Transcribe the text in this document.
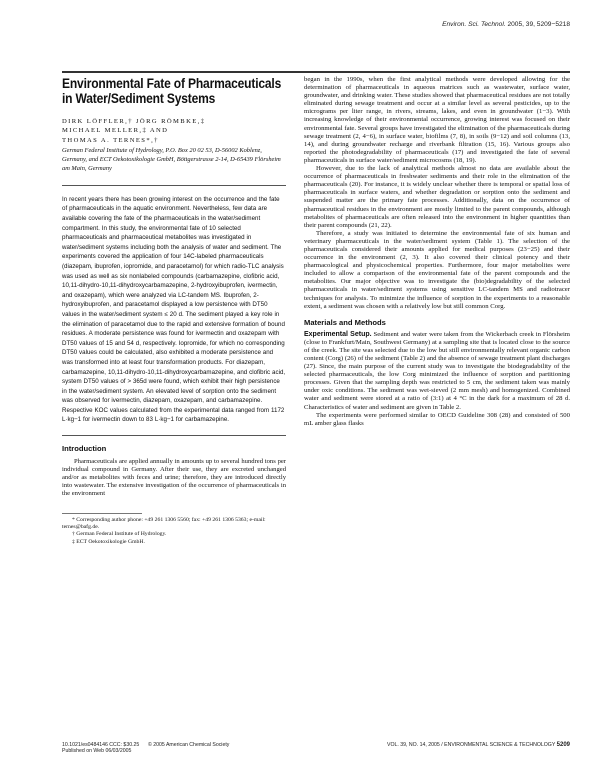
Environ. Sci. Technol. 2005, 39, 5209−5218
Environmental Fate of Pharmaceuticals in Water/Sediment Systems
DIRK LÖFFLER,† JÖRG RÖMBKE,‡
MICHAEL MELLER,‡ AND
THOMAS A. TERNES*,†
German Federal Institute of Hydrology, P.O. Box 20 02 53, D-56002 Koblenz, Germany, and ECT Oekotoxikologie GmbH, Böttgerstrasse 2-14, D-65439 Flörsheim am Main, Germany
In recent years there has been growing interest on the occurrence and the fate of pharmaceuticals in the aquatic environment. Nevertheless, few data are available covering the fate of the pharmaceuticals in the water/sediment compartment. In this study, the environmental fate of 10 selected pharmaceuticals and pharmaceutical metabolites was investigated in water/sediment systems including both the analysis of water and sediment. The experiments covered the application of four 14C-labeled pharmaceuticals (diazepam, ibuprofen, iopromide, and paracetamol) for which radio-TLC analysis was used as well as six nonlabeled compounds (carbamazepine, clofibric acid, 10,11-dihydro-10,11-dihydroxycarbamazepine, 2-hydroxyibuprofen, ivermectin, and oxazepam), which were analyzed via LC-tandem MS. Ibuprofen, 2-hydroxyibuprofen, and paracetamol displayed a low persistence with DT50 values in the water/sediment system ≤ 20 d. The sediment played a key role in the elimination of paracetamol due to the rapid and extensive formation of bound residues. A moderate persistence was found for ivermectin and oxazepam with DT50 values of 15 and 54 d, respectively. Iopromide, for which no corresponding DT50 values could be calculated, also exhibited a moderate persistence and was transformed into at least four transformation products. For diazepam, carbamazepine, 10,11-dihydro-10,11-dihydroxycarbamazepine, and clofibric acid, system DT50 values of > 365d were found, which exhibit their high persistence in the water/sediment system. An elevated level of sorption onto the sediment was observed for ivermectin, diazepam, oxazepam, and carbamazepine. Respective KOC values calculated from the experimental data ranged from 1172 L·kg−1 for ivermectin down to 83 L·kg−1 for carbamazepine.
Introduction

Pharmaceuticals are applied annually in amounts up to several hundred tons per individual compound in Germany. After their use, they are excreted unchanged and/or as metabolites with feces and urine; therefore, they are introduced directly into wastewater. The extensive investigation of the occurrence of pharmaceuticals in the environment

* Corresponding author phone: +49 261 1306 5560; fax: +49 261 1306 5363; e-mail: ternes@bafg.de.
† German Federal Institute of Hydrology.
‡ ECT Oekotoxikologie GmbH.

began in the 1990s, when the first analytical methods were developed allowing for the determination of pharmaceuticals in aqueous matrices such as wastewater, surface water, groundwater, and drinking water. These studies showed that pharmaceutical residues are not totally eliminated during sewage treatment and occur at a similar level as several pesticides, up to the micrograms per liter range, in rivers, streams, lakes, and even in groundwater (1−3). With increasing knowledge of their environmental occurrence, growing interest was focused on their environmental fate. Several groups have investigated the elimination of the pharmaceuticals during sewage treatment (2, 4−6), in surface water, biofilms (7, 8), in soils (9−12) and soil columns (13, 14), and during groundwater recharge and riverbank filtration (15, 16). Various groups also reported the photodegradability of pharmaceuticals (17) and investigated the fate of several pharmaceuticals in surface water/sediment microcosms (18, 19).

However, due to the lack of analytical methods almost no data are available about the occurrence of pharmaceuticals in freshwater sediments and their role in the elimination of the pharmaceuticals (20). For instance, it is widely unclear whether there is temporal or spatial loss of pharmaceuticals in surface waters, and whether degradation or sorption onto the sediment and suspended matter are the primary fate processes. Additionally, data on the occurrence of pharmaceutical residues in the environment are mostly limited to the parent compounds, although metabolites of pharmaceuticals are often released into the environment in higher quantities than their parent compounds (21, 22).

Therefore, a study was initiated to determine the environmental fate of six human and veterinary pharmaceuticals in the water/sediment system (Table 1). The selection of the pharmaceuticals considered their amounts applied for medical purposes (23−25) and their occurrence in the environment (2, 3). It also covered their clinical potency and their pharmacological and physicochemical properties. Furthermore, four major metabolites were included to allow a comparison of the environmental fate of the parent compounds and the metabolites. Our major objective was to investigate the (bio)degradability of the selected pharmaceuticals in water/sediment systems using sensitive LC-tandem MS and radiotracer techniques for analysis. To minimize the influence of sorption in the experiments to a reasonable extent, a sediment was chosen with a relatively low but still common Corg.

Materials and Methods

Experimental Setup. Sediment and water were taken from the Wickerbach creek in Flörsheim (close to Frankfurt/Main, Southwest Germany) at a sampling site that is located close to the source of the creek. The site was selected due to the low but still environmentally relevant organic carbon content (Corg) (26) of the sediment (Table 2) and the absence of sewage treatment plant discharges (27). Since, the main purpose of the current study was to investigate the biodegradability of the selected pharmaceuticals, the low Corg minimized the influence of sorption and partitioning processes. Given that the sampling depth was restricted to 5 cm, the sediment taken was mainly under oxic conditions. The sediment was wet-sieved (2 mm mesh) and homogenized. Combined water and sediment were stored at a ratio of (3:1) at 4 °C in the dark for a maximum of 28 d. Characteristics of water and sediment are given in Table 2.

The experiments were performed similar to OECD Guideline 308 (28) and consisted of 500 mL amber glass flasks

10.1021/es0484146 CCC: $30.25
Published on Web 06/03/2005
© 2005 American Chemical Society	VOL. 39, NO. 14, 2005 / ENVIRONMENTAL SCIENCE & TECHNOLOGY 5209
